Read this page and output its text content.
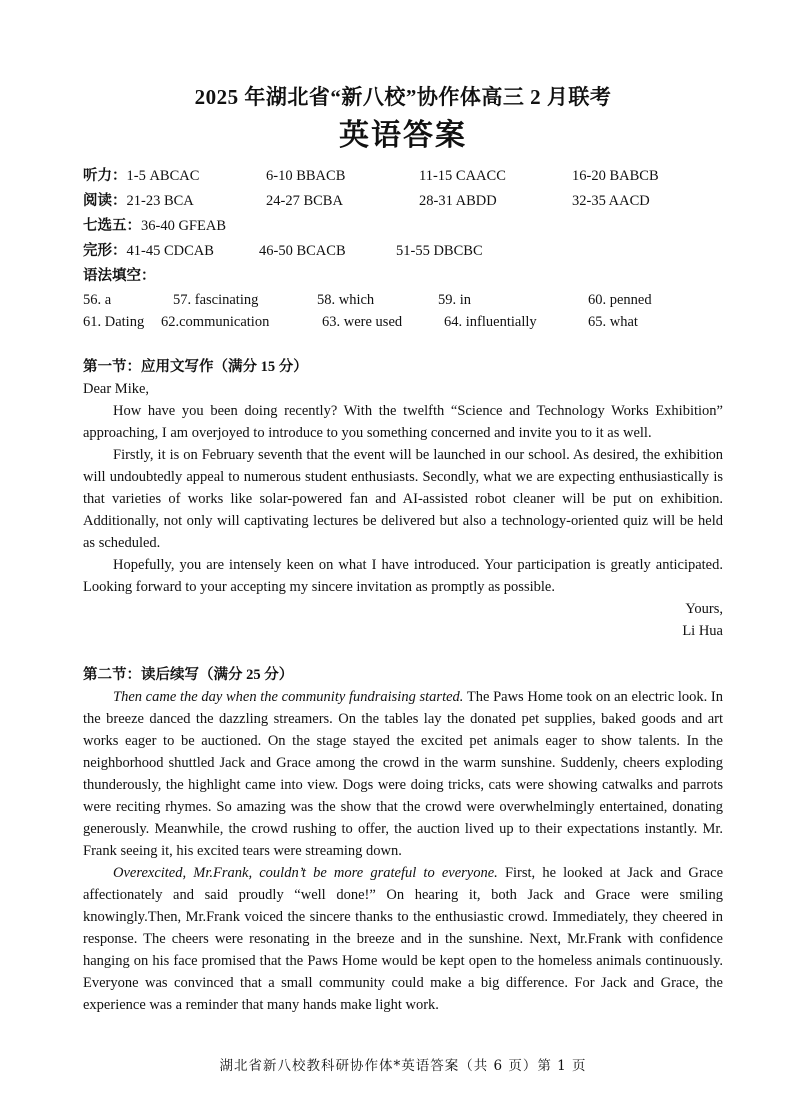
2025 年湖北省“新八校”协作体高三 2 月联考
英语答案
听力：1-5 ABCAC	6-10 BBACB	11-15 CAACC	16-20 BABCB
阅读：21-23 BCA	24-27 BCBA	28-31 ABDD	32-35 AACD
七选五： 36-40 GFEAB
完形：41-45 CDCAB	46-50 BCACB	51-55 DBCBC
语法填空：
56. a	57. fascinating	58. which	59. in	60. penned
61. Dating	62.communication	63. were used	64. influentially	65. what
第一节：应用文写作（满分 15 分）

Dear Mike,

How have you been doing recently? With the twelfth “Science and Technology Works Exhibition” approaching, I am overjoyed to introduce to you something concerned and invite you to it as well.

Firstly, it is on February seventh that the event will be launched in our school. As desired, the exhibition will undoubtedly appeal to numerous student enthusiasts. Secondly, what we are expecting enthusiastically is that varieties of works like solar-powered fan and AI-assisted robot cleaner will be put on exhibition. Additionally, not only will captivating lectures be delivered but also a technology-oriented quiz will be held as scheduled.

Hopefully, you are intensely keen on what I have introduced. Your participation is greatly anticipated. Looking forward to your accepting my sincere invitation as promptly as possible.

Yours,
Li Hua
第二节：读后续写（满分 25 分）

Then came the day when the community fundraising started. The Paws Home took on an electric look. In the breeze danced the dazzling streamers. On the tables lay the donated pet supplies, baked goods and art works eager to be auctioned. On the stage stayed the excited pet animals eager to show talents. In the neighborhood shuttled Jack and Grace among the crowd in the warm sunshine. Suddenly, cheers exploding thunderously, the highlight came into view. Dogs were doing tricks, cats were showing catwalks and parrots were reciting rhymes. So amazing was the show that the crowd were overwhelmingly entertained, donating generously. Meanwhile, the crowd rushing to offer, the auction lived up to their expectations instantly. Mr. Frank seeing it, his excited tears were streaming down.

Overexcited, Mr.Frank, couldn’t be more grateful to everyone. First, he looked at Jack and Grace affectionately and said proudly “well done!” On hearing it, both Jack and Grace were smiling knowingly.Then, Mr.Frank voiced the sincere thanks to the enthusiastic crowd. Immediately, they cheered in response. The cheers were resonating in the breeze and in the sunshine. Next, Mr.Frank with confidence hanging on his face promised that the Paws Home would be kept open to the homeless animals continuously. Everyone was convinced that a small community could make a big difference. For Jack and Grace, the experience was a reminder that many hands make light work.

湖北省新八校教科研协作体*英语答案（共 6 页）第 1 页
